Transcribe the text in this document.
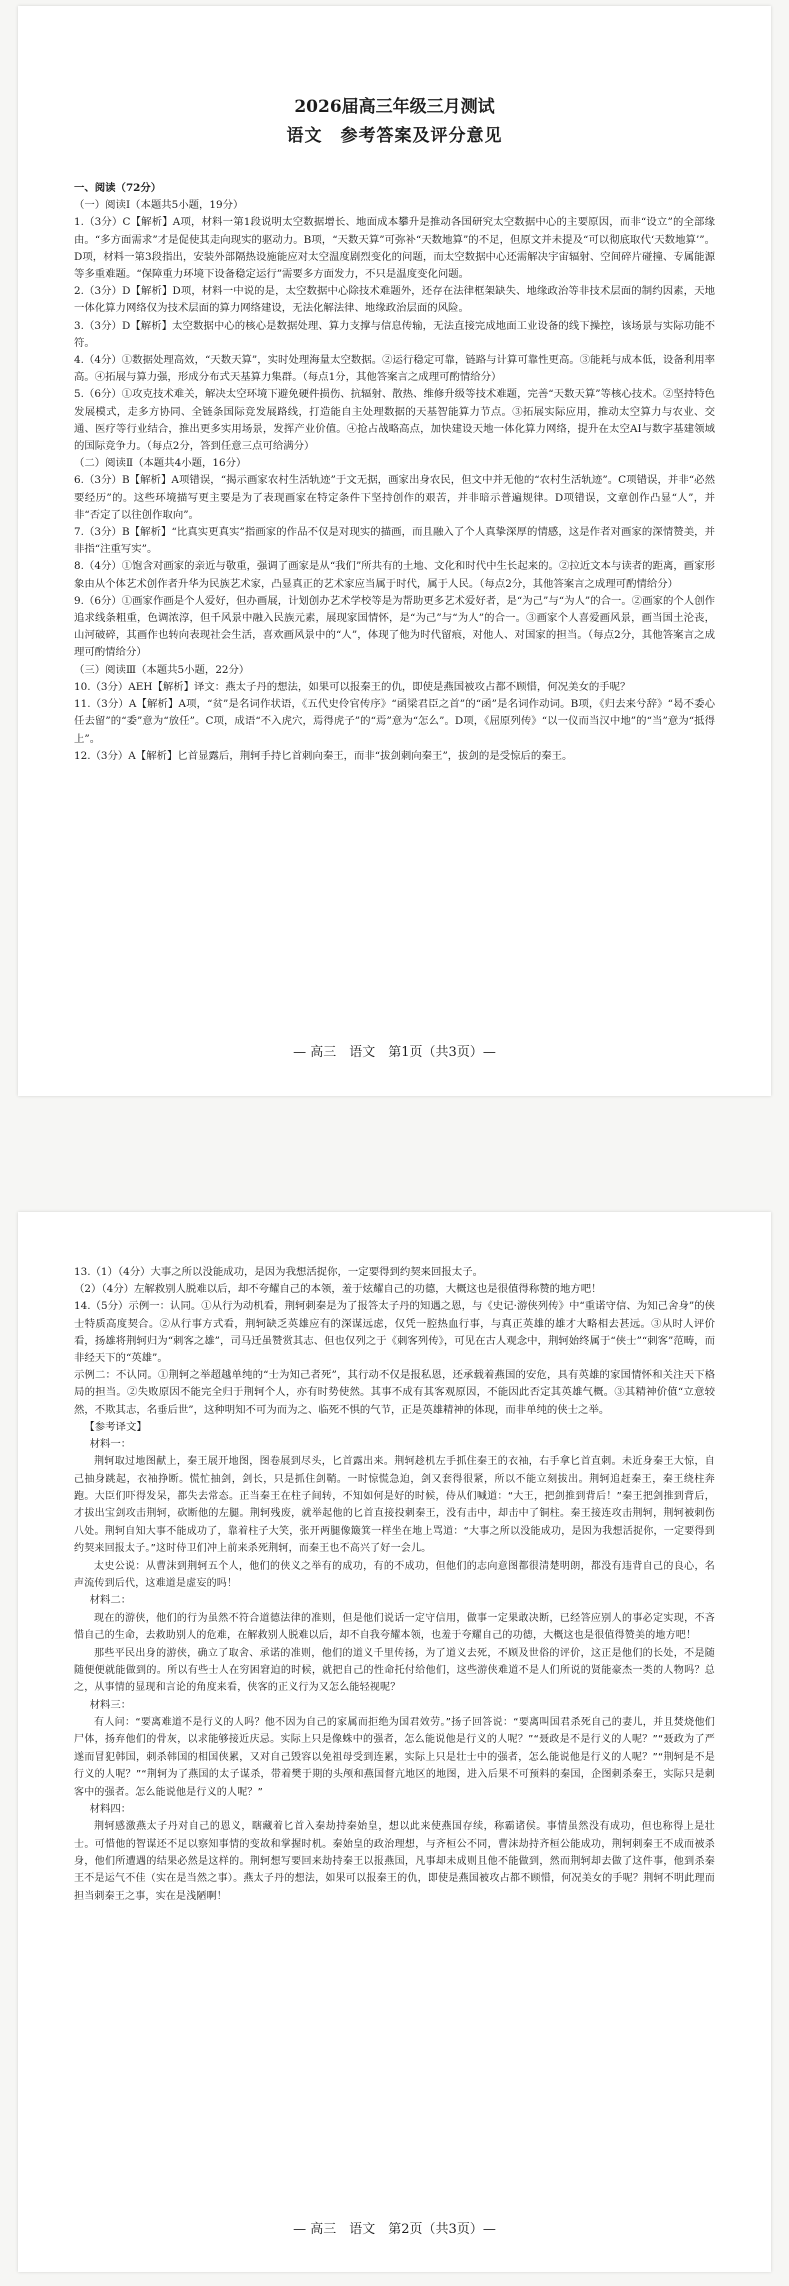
2026届高三年级三月测试
语文　参考答案及评分意见

一、阅读（72分）

（一）阅读Ⅰ（本题共5小题，19分）

1.（3分）C【解析】A项，材料一第1段说明太空数据增长、地面成本攀升是推动各国研究太空数据中心的主要原因，而非“设立”的全部缘由。“多方面需求”才是促使其走向现实的驱动力。B项，“天数天算”可弥补“天数地算”的不足，但原文并未提及“可以彻底取代‘天数地算’”。D项，材料一第3段指出，安装外部隔热设施能应对太空温度剧烈变化的问题，而太空数据中心还需解决宇宙辐射、空间碎片碰撞、专属能源等多重难题。“保障重力环境下设备稳定运行”需要多方面发力，不只是温度变化问题。

2.（3分）D【解析】D项，材料一中说的是，太空数据中心除技术难题外，还存在法律框架缺失、地缘政治等非技术层面的制约因素，天地一体化算力网络仅为技术层面的算力网络建设，无法化解法律、地缘政治层面的风险。

3.（3分）D【解析】太空数据中心的核心是数据处理、算力支撑与信息传输，无法直接完成地面工业设备的线下操控，该场景与实际功能不符。

4.（4分）①数据处理高效，“天数天算”，实时处理海量太空数据。②运行稳定可靠，链路与计算可靠性更高。③能耗与成本低，设备利用率高。④拓展与算力强，形成分布式天基算力集群。（每点1分，其他答案言之成理可酌情给分）

5.（6分）①攻克技术难关，解决太空环境下避免硬件损伤、抗辐射、散热、维修升级等技术难题，完善“天数天算”等核心技术。②坚持特色发展模式，走多方协同、全链条国际竞发展路线，打造能自主处理数据的天基智能算力节点。③拓展实际应用，推动太空算力与农业、交通、医疗等行业结合，推出更多实用场景，发挥产业价值。④抢占战略高点，加快建设天地一体化算力网络，提升在太空AI与数字基建领域的国际竞争力。（每点2分，答到任意三点可给满分）

（二）阅读Ⅱ（本题共4小题，16分）

6.（3分）B【解析】A项错误，“揭示画家农村生活轨迹”于文无据，画家出身农民，但文中并无他的“农村生活轨迹”。C项错误，并非“必然要经历”的。这些环境描写更主要是为了表现画家在特定条件下坚持创作的艰苦，并非暗示普遍规律。D项错误，文章创作凸显“人”，并非“否定了以往创作取向”。

7.（3分）B【解析】“比真实更真实”指画家的作品不仅是对现实的描画，而且融入了个人真挚深厚的情感，这是作者对画家的深情赞美，并非指“注重写实”。

8.（4分）①饱含对画家的亲近与敬重，强调了画家是从“我们”所共有的土地、文化和时代中生长起来的。②拉近文本与读者的距离，画家形象由从个体艺术创作者升华为民族艺术家，凸显真正的艺术家应当属于时代，属于人民。（每点2分，其他答案言之成理可酌情给分）

9.（6分）①画家作画是个人爱好，但办画展，计划创办艺术学校等是为帮助更多艺术爱好者，是“为己”与“为人”的合一。②画家的个人创作追求线条粗重，色调浓淳，但千风景中融入民族元素，展现家国情怀，是“为己”与“为人”的合一。③画家个人喜爱画风景，画当国土沦丧，山河破碎，其画作也转向表现社会生活，喜欢画风景中的“人”，体现了他为时代留痕，对他人、对国家的担当。（每点2分，其他答案言之成理可酌情给分）

（三）阅读Ⅲ（本题共5小题，22分）

10.（3分）AEH【解析】译文：燕太子丹的想法，如果可以报秦王的仇，即使是燕国被攻占都不顾惜，何况美女的手呢？

11.（3分）A【解析】A项，“贫”是名词作状语，《五代史伶官传序》“函梁君臣之首”的“函”是名词作动词。B项，《归去来兮辞》“曷不委心任去留”的“委”意为“放任”。C项，成语“不入虎穴，焉得虎子”的“焉”意为“怎么”。D项，《屈原列传》“以一仪而当汉中地”的“当”意为“抵得上”。

12.（3分）A【解析】匕首显露后，荆轲手持匕首刺向秦王，而非“拔剑刺向秦王”，拔剑的是受惊后的秦王。

— 高三　语文　第1页（共3页）—

13.（1）（4分）大事之所以没能成功，是因为我想活捉你，一定要得到约契来回报太子。

（2）（4分）左解救别人脱难以后，却不夸耀自己的本领，羞于炫耀自己的功德，大概这也是很值得称赞的地方吧！

14.（5分）示例一：认同。①从行为动机看，荆轲刺秦是为了报答太子丹的知遇之恩，与《史记·游侠列传》中“重诺守信、为知己舍身”的侠士特质高度契合。②从行事方式看，荆轲缺乏英雄应有的深谋远虑，仅凭一腔热血行事，与真正英雄的雄才大略相去甚远。③从时人评价看，扬雄将荆轲归为“刺客之雄”，司马迁虽赞赏其志、但也仅列之于《刺客列传》，可见在古人观念中，荆轲始终属于“侠士”“刺客”范畴，而非经天下的“英雄”。

示例二：不认同。①荆轲之举超越单纯的“士为知己者死”，其行动不仅是报私恩，还承载着燕国的安危，具有英雄的家国情怀和关注天下格局的担当。②失败原因不能完全归于荆轲个人，亦有时势使然。其事不成有其客观原因，不能因此否定其英雄气概。③其精神价值“立意较然，不欺其志，名垂后世”，这种明知不可为而为之、临死不惧的气节，正是英雄精神的体现，而非单纯的侠士之举。

【参考译文】

材料一：

荆轲取过地图献上，秦王展开地图，图卷展到尽头，匕首露出来。荆轲趁机左手抓住秦王的衣袖，右手拿匕首直刺。未近身秦王大惊，自己抽身跳起，衣袖挣断。慌忙抽剑，剑长，只是抓住剑鞘。一时惊慌急迫，剑又套得很紧，所以不能立刻拔出。荆轲追赶秦王，秦王绕柱奔跑。大臣们吓得发呆，都失去常态。正当秦王在柱子间转，不知如何是好的时候，侍从们喊道：“大王，把剑推到背后！”秦王把剑推到背后，才拔出宝剑攻击荆轲，砍断他的左腿。荆轲残废，就举起他的匕首直接投刺秦王，没有击中，却击中了铜柱。秦王接连攻击荆轲，荆轲被刺伤八处。荆轲自知大事不能成功了，靠着柱子大笑，张开两腿像簸箕一样坐在地上骂道：“大事之所以没能成功，是因为我想活捉你，一定要得到约契来回报太子。”这时侍卫们冲上前来杀死荆轲，而秦王也不高兴了好一会儿。

太史公说：从曹沫到荆轲五个人，他们的侠义之举有的成功，有的不成功，但他们的志向意图都很清楚明朗，都没有违背自己的良心，名声流传到后代，这难道是虚妄的吗！

材料二：

现在的游侠，他们的行为虽然不符合道德法律的准则，但是他们说话一定守信用，做事一定果敢决断，已经答应别人的事必定实现，不吝惜自己的生命，去救助别人的危难，在解救别人脱难以后，却不自我夸耀本领，也羞于夸耀自己的功德，大概这也是很值得赞美的地方吧！

那些平民出身的游侠，确立了取舍、承诺的准则，他们的道义千里传扬，为了道义去死，不顾及世俗的评价，这正是他们的长处，不是随随便便就能做到的。所以有些士人在穷困窘迫的时候，就把自己的性命托付给他们，这些游侠难道不是人们所说的贤能豪杰一类的人物吗？总之，从事情的显现和言论的角度来看，侠客的正义行为又怎么能轻视呢？

材料三：

有人问：“要离难道不是行义的人吗？他不因为自己的家属而拒绝为国君效劳。”扬子回答说：“要离叫国君杀死自己的妻儿，并且焚烧他们尸体，扬弃他们的骨灰，以求能够接近庆忌。实际上只是像蛛中的强者，怎么能说他是行义的人呢？”“聂政是不是行义的人呢？”“聂政为了严遂而冒犯韩国，刺杀韩国的相国侠累，又对自己毁容以免祖母受到连累，实际上只是壮士中的强者，怎么能说他是行义的人呢？”“荆轲是不是行义的人呢？”“荆轲为了燕国的太子谋杀，带着樊于期的头颅和燕国督亢地区的地图，进入后果不可预料的秦国，企图刺杀秦王，实际只是刺客中的强者。怎么能说他是行义的人呢？”

材料四：

荆轲感激燕太子丹对自己的恩义，瞎藏着匕首入秦劫持秦始皇，想以此来使燕国存续，称霸诸侯。事情虽然没有成功，但也称得上是壮士。可惜他的智谋还不足以察知事情的变故和掌握时机。秦始皇的政治理想，与齐桓公不同，曹沫劫持齐桓公能成功，荆轲刺秦王不成而被杀身，他们所遭遇的结果必然是这样的。荆轲想写要回来劫持秦王以报燕国，凡事却未成则且他不能做到，然而荆轲却去做了这件事，他到杀秦王不是运气不佳（实在是当然之事）。燕太子丹的想法，如果可以报秦王的仇，即使是燕国被攻占都不顾惜，何况美女的手呢？荆轲不明此理而担当刺秦王之事，实在是浅陋啊！

— 高三　语文　第2页（共3页）—
